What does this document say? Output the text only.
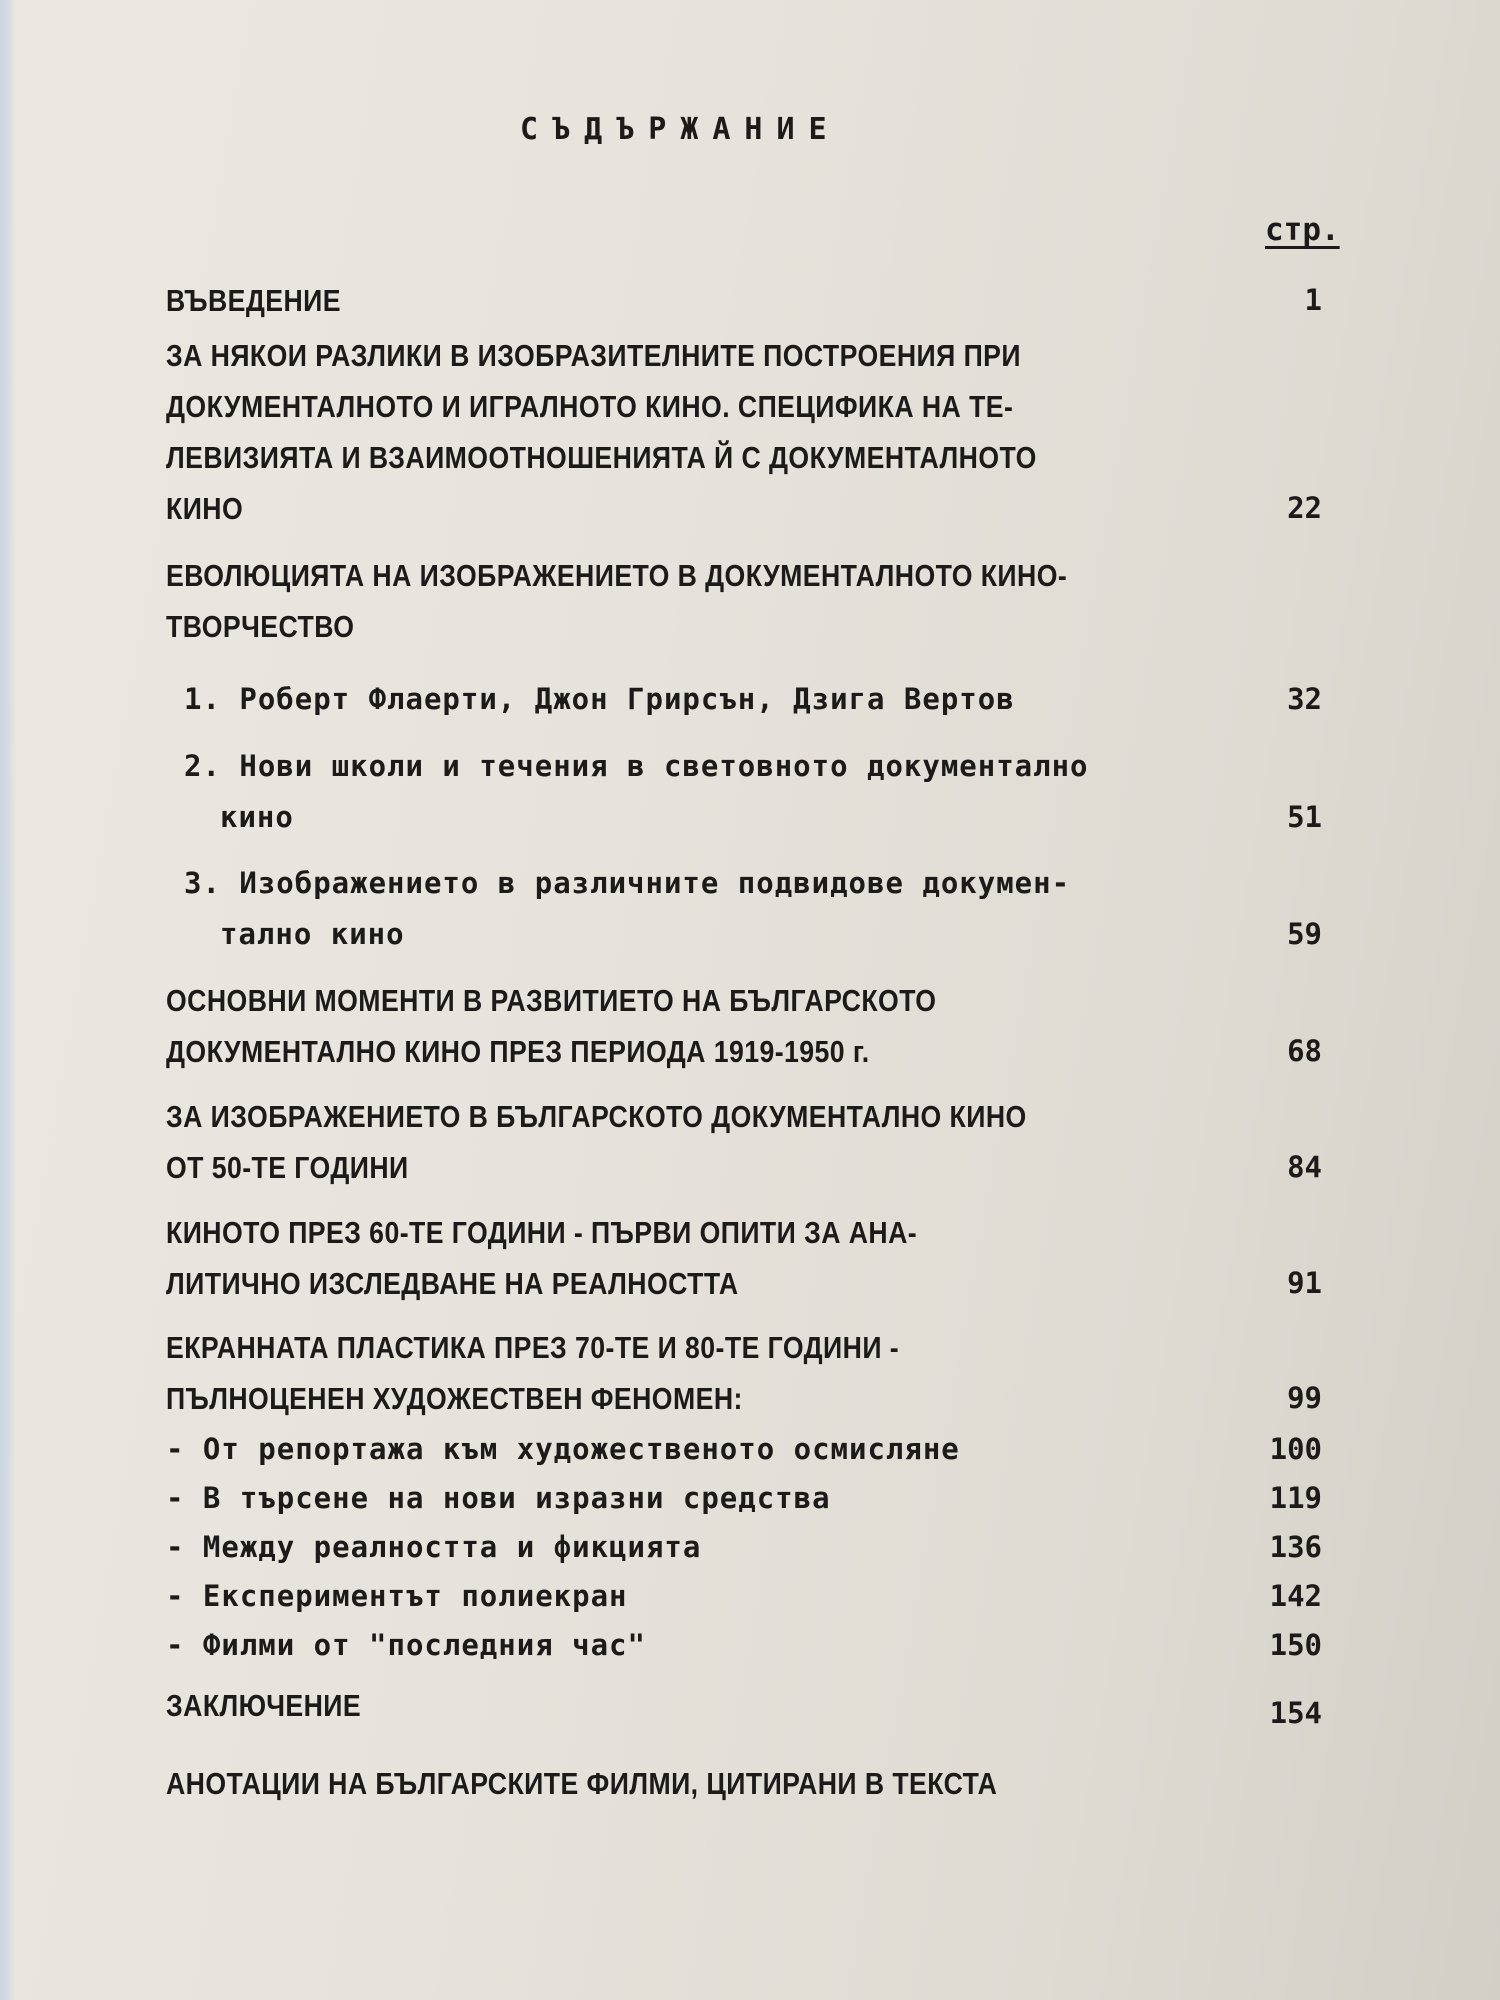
СЪДЪРЖАНИЕ
стр.
ВЪВЕДЕНИЕ	1
ЗА НЯКОИ РАЗЛИКИ В ИЗОБРАЗИТЕЛНИТЕ ПОСТРОЕНИЯ ПРИ
ДОКУМЕНТАЛНОТО И ИГРАЛНОТО КИНО. СПЕЦИФИКА НА ТЕ-
ЛЕВИЗИЯТА И ВЗАИМООТНОШЕНИЯТА Й С ДОКУМЕНТАЛНОТО
КИНО	22
ЕВОЛЮЦИЯТА НА ИЗОБРАЖЕНИЕТО В ДОКУМЕНТАЛНОТО КИНО-
ТВОРЧЕСТВО
1. Роберт Флаерти, Джон Грирсън, Дзига Вертов	32
2. Нови школи и течения в световното документално
кино	51
3. Изображението в различните подвидове докумен-
тално кино	59
ОСНОВНИ МОМЕНТИ В РАЗВИТИЕТО НА БЪЛГАРСКОТО
ДОКУМЕНТАЛНО КИНО ПРЕЗ ПЕРИОДА 1919-1950 г.	68
ЗА ИЗОБРАЖЕНИЕТО В БЪЛГАРСКОТО ДОКУМЕНТАЛНО КИНО
ОТ 50-ТЕ ГОДИНИ	84
КИНОТО ПРЕЗ 60-ТЕ ГОДИНИ - ПЪРВИ ОПИТИ ЗА АНА-
ЛИТИЧНО ИЗСЛЕДВАНЕ НА РЕАЛНОСТТА	91
ЕКРАННАТА ПЛАСТИКА ПРЕЗ 70-ТЕ И 80-ТЕ ГОДИНИ -
ПЪЛНОЦЕНЕН ХУДОЖЕСТВЕН ФЕНОМЕН:	99
- От репортажа към художественото осмисляне	100
- В търсене на нови изразни средства	119
- Между реалността и фикцията	136
- Експериментът полиекран	142
- Филми от "последния час"	150
ЗАКЛЮЧЕНИЕ	154
АНОТАЦИИ НА БЪЛГАРСКИТЕ ФИЛМИ, ЦИТИРАНИ В ТЕКСТА
